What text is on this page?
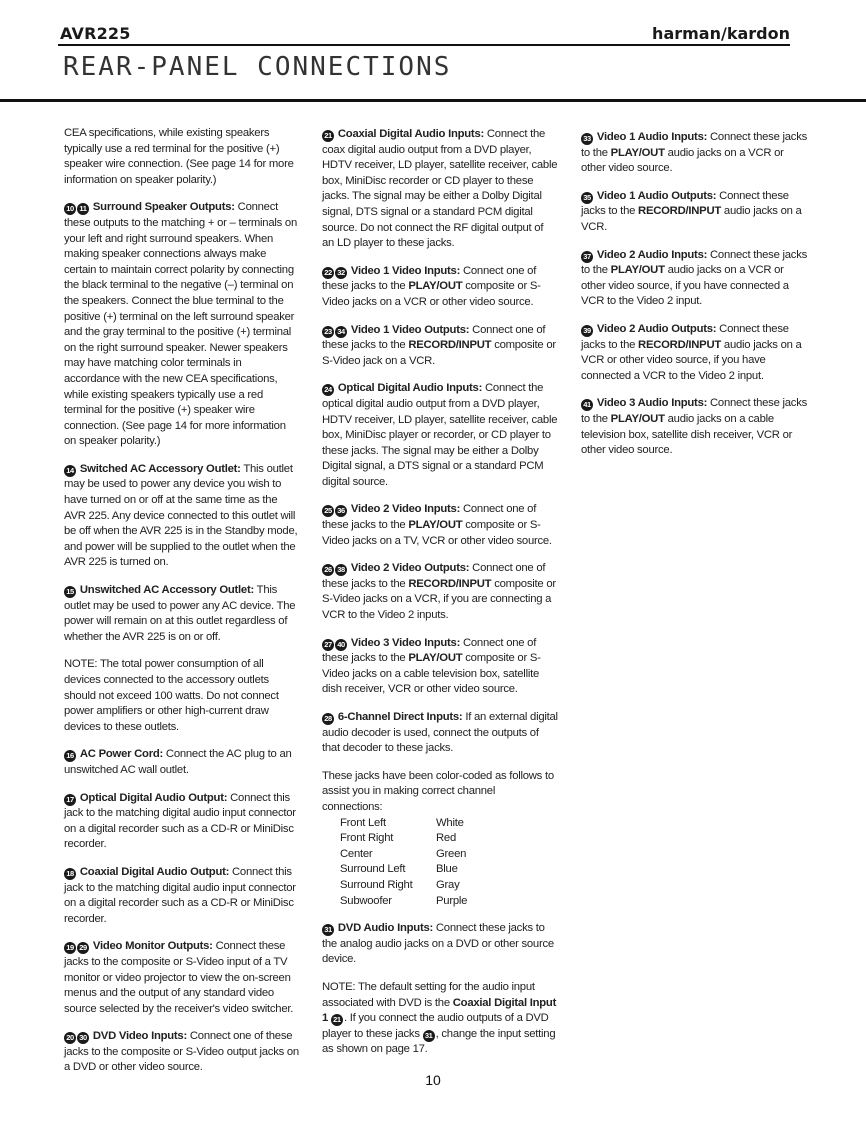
AVR225	harman/kardon
REAR-PANEL CONNECTIONS

CEA specifications, while existing speakers typically use a red terminal for the positive (+) speaker wire connection. (See page 14 for more information on speaker polarity.)

10 11 Surround Speaker Outputs: Connect these outputs to the matching + or – terminals on your left and right surround speakers. When making speaker connections always make certain to maintain correct polarity by connecting the black terminal to the negative (–) terminal on the speakers. Connect the blue terminal to the positive (+) terminal on the left surround speaker and the gray terminal to the positive (+) terminal on the right surround speaker. Newer speakers may have matching color terminals in accordance with the new CEA specifications, while existing speakers typically use a red terminal for the positive (+) speaker wire connection. (See page 14 for more information on speaker polarity.)

14 Switched AC Accessory Outlet: This outlet may be used to power any device you wish to have turned on or off at the same time as the AVR 225. Any device connected to this outlet will be off when the AVR 225 is in the Standby mode, and power will be supplied to the outlet when the AVR 225 is turned on.

15 Unswitched AC Accessory Outlet: This outlet may be used to power any AC device. The power will remain on at this outlet regardless of whether the AVR 225 is on or off.

NOTE: The total power consumption of all devices connected to the accessory outlets should not exceed 100 watts. Do not connect power amplifiers or other high-current draw devices to these outlets.

16 AC Power Cord: Connect the AC plug to an unswitched AC wall outlet.

17 Optical Digital Audio Output: Connect this jack to the matching digital audio input connector on a digital recorder such as a CD-R or MiniDisc recorder.

18 Coaxial Digital Audio Output: Connect this jack to the matching digital audio input connector on a digital recorder such as a CD-R or MiniDisc recorder.

19 29 Video Monitor Outputs: Connect these jacks to the composite or S-Video input of a TV monitor or video projector to view the on-screen menus and the output of any standard video source selected by the receiver's video switcher.

20 30 DVD Video Inputs: Connect one of these jacks to the composite or S-Video output jacks on a DVD or other video source.

21 Coaxial Digital Audio Inputs: Connect the coax digital audio output from a DVD player, HDTV receiver, LD player, satellite receiver, cable box, MiniDisc recorder or CD player to these jacks. The signal may be either a Dolby Digital signal, DTS signal or a standard PCM digital source. Do not connect the RF digital output of an LD player to these jacks.

22 32 Video 1 Video Inputs: Connect one of these jacks to the PLAY/OUT composite or S-Video jacks on a VCR or other video source.

23 34 Video 1 Video Outputs: Connect one of these jacks to the RECORD/INPUT composite or S-Video jack on a VCR.

24 Optical Digital Audio Inputs: Connect the optical digital audio output from a DVD player, HDTV receiver, LD player, satellite receiver, cable box, MiniDisc player or recorder, or CD player to these jacks. The signal may be either a Dolby Digital signal, a DTS signal or a standard PCM digital source.

25 36 Video 2 Video Inputs: Connect one of these jacks to the PLAY/OUT composite or S-Video jacks on a TV, VCR or other video source.

26 38 Video 2 Video Outputs: Connect one of these jacks to the RECORD/INPUT composite or S-Video jacks on a VCR, if you are connecting a VCR to the Video 2 inputs.

27 40 Video 3 Video Inputs: Connect one of these jacks to the PLAY/OUT composite or S-Video jacks on a cable television box, satellite dish receiver, VCR or other video source.

28 6-Channel Direct Inputs: If an external digital audio decoder is used, connect the outputs of that decoder to these jacks.

These jacks have been color-coded as follows to assist you in making correct channel connections:

Front Left	White
Front Right	Red
Center	Green
Surround Left	Blue
Surround Right	Gray
Subwoofer	Purple

31 DVD Audio Inputs: Connect these jacks to the analog audio jacks on a DVD or other source device.

NOTE: The default setting for the audio input associated with DVD is the Coaxial Digital Input 1 21 . If you connect the audio outputs of a DVD player to these jacks 31 , change the input setting as shown on page 17.

33 Video 1 Audio Inputs: Connect these jacks to the PLAY/OUT audio jacks on a VCR or other video source.

35 Video 1 Audio Outputs: Connect these jacks to the RECORD/INPUT audio jacks on a VCR.

37 Video 2 Audio Inputs: Connect these jacks to the PLAY/OUT audio jacks on a VCR or other video source, if you have connected a VCR to the Video 2 input.

39 Video 2 Audio Outputs: Connect these jacks to the RECORD/INPUT audio jacks on a VCR or other video source, if you have connected a VCR to the Video 2 input.

41 Video 3 Audio Inputs: Connect these jacks to the PLAY/OUT audio jacks on a cable television box, satellite dish receiver, VCR or other video source.

10
